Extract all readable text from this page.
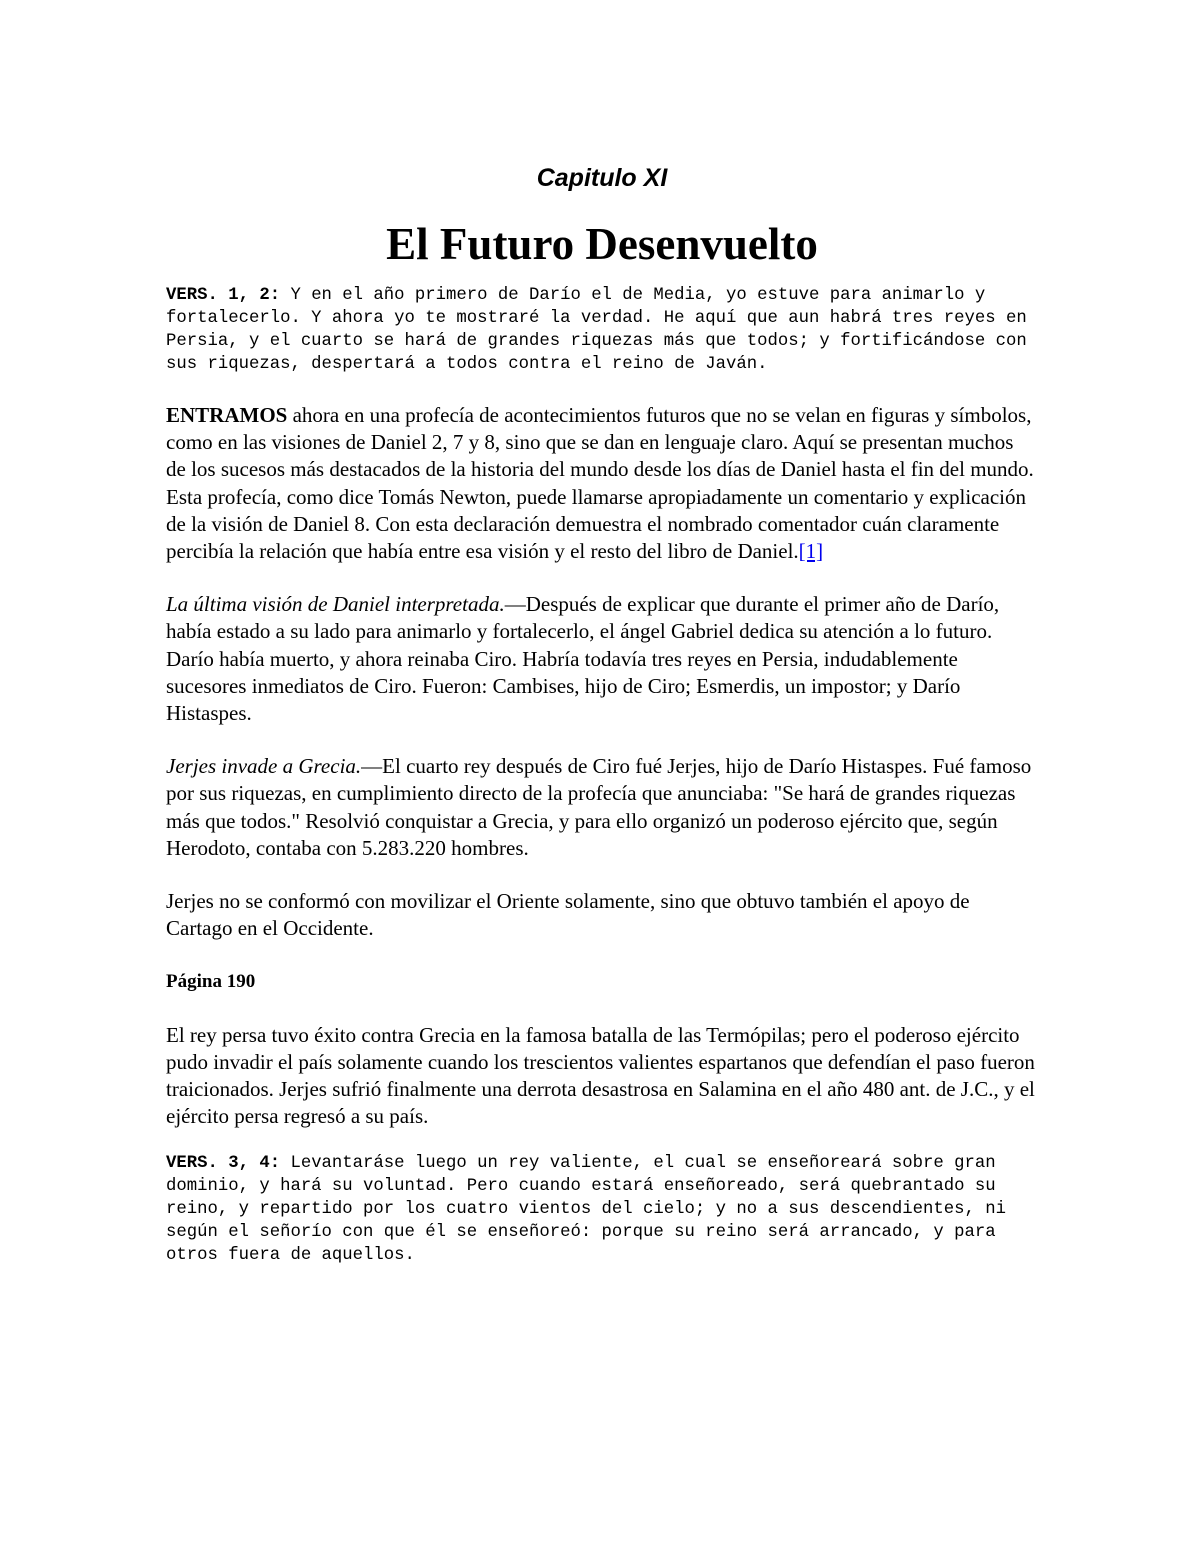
Capitulo XI
El Futuro Desenvuelto

VERS. 1, 2: Y en el año primero de Darío el de Media, yo estuve para animarlo y fortalecerlo. Y ahora yo te mostraré la verdad. He aquí que aun habrá tres reyes en Persia, y el cuarto se hará de grandes riquezas más que todos; y fortificándose con sus riquezas, despertará a todos contra el reino de Javán.

ENTRAMOS ahora en una profecía de acontecimientos futuros que no se velan en figuras y símbolos, como en las visiones de Daniel 2, 7 y 8, sino que se dan en lenguaje claro. Aquí se presentan muchos de los sucesos más destacados de la historia del mundo desde los días de Daniel hasta el fin del mundo. Esta profecía, como dice Tomás Newton, puede llamarse apropiadamente un comentario y explicación de la visión de Daniel 8. Con esta declaración demuestra el nombrado comentador cuán claramente percibía la relación que había entre esa visión y el resto del libro de Daniel.[1]

La última visión de Daniel interpretada.—Después de explicar que durante el primer año de Darío, había estado a su lado para animarlo y fortalecerlo, el ángel Gabriel dedica su atención a lo futuro. Darío había muerto, y ahora reinaba Ciro. Habría todavía tres reyes en Persia, indudablemente sucesores inmediatos de Ciro. Fueron: Cambises, hijo de Ciro; Esmerdis, un impostor; y Darío Histaspes.

Jerjes invade a Grecia.—El cuarto rey después de Ciro fué Jerjes, hijo de Darío Histaspes. Fué famoso por sus riquezas, en cumplimiento directo de la profecía que anunciaba: "Se hará de grandes riquezas más que todos." Resolvió conquistar a Grecia, y para ello organizó un poderoso ejército que, según Herodoto, contaba con 5.283.220 hombres.

Jerjes no se conformó con movilizar el Oriente solamente, sino que obtuvo también el apoyo de Cartago en el Occidente.

Página 190

El rey persa tuvo éxito contra Grecia en la famosa batalla de las Termópilas; pero el poderoso ejército pudo invadir el país solamente cuando los trescientos valientes espartanos que defendían el paso fueron traicionados. Jerjes sufrió finalmente una derrota desastrosa en Salamina en el año 480 ant. de J.C., y el ejército persa regresó a su país.

VERS. 3, 4: Levantaráse luego un rey valiente, el cual se enseñoreará sobre gran dominio, y hará su voluntad. Pero cuando estará enseñoreado, será quebrantado su reino, y repartido por los cuatro vientos del cielo; y no a sus descendientes, ni según el señorío con que él se enseñoreó: porque su reino será arrancado, y para otros fuera de aquellos.
